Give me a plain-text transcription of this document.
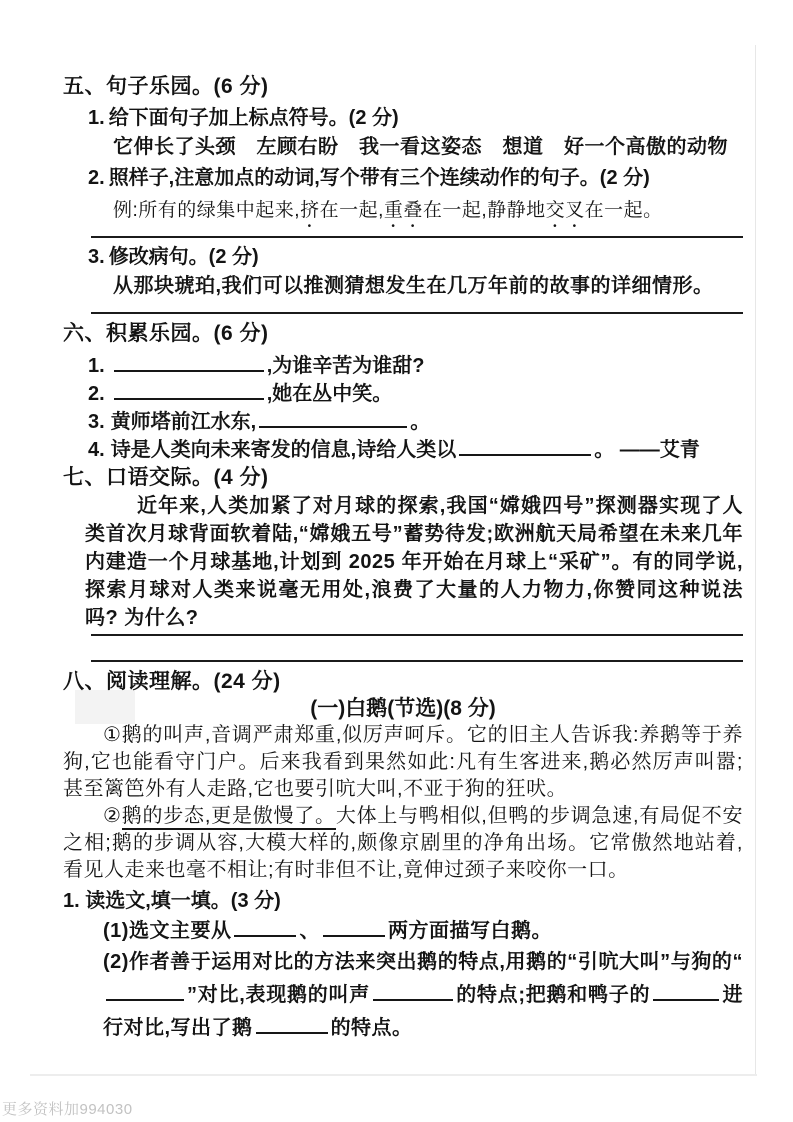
五、句子乐园。(6 分)
1. 给下面句子加上标点符号。(2 分)
它伸长了头颈　左顾右盼　我一看这姿态　想道　好一个高傲的动物
2. 照样子,注意加点的动词,写个带有三个连续动作的句子。(2 分)
例:所有的绿集中起来,挤在一起,重叠在一起,静静地交叉在一起。
3. 修改病句。(2 分)
从那块琥珀,我们可以推测猜想发生在几万年前的故事的详细情形。
六、积累乐园。(6 分)
1.	,为谁辛苦为谁甜?
2.	,她在丛中笑。
3. 黄师塔前江水东,	。
4. 诗是人类向未来寄发的信息,诗给人类以	。 ——艾青
七、口语交际。(4 分)
近年来,人类加紧了对月球的探索,我国“嫦娥四号”探测器实现了人类首次月球背面软着陆,“嫦娥五号”蓄势待发;欧洲航天局希望在未来几年内建造一个月球基地,计划到 2025 年开始在月球上“采矿”。有的同学说,探索月球对人类来说毫无用处,浪费了大量的人力物力,你赞同这种说法吗? 为什么?
八、阅读理解。(24 分)
(一)白鹅(节选)(8 分)
①鹅的叫声,音调严肃郑重,似厉声呵斥。它的旧主人告诉我:养鹅等于养狗,它也能看守门户。后来我看到果然如此:凡有生客进来,鹅必然厉声叫嚣;甚至篱笆外有人走路,它也要引吭大叫,不亚于狗的狂吠。
②鹅的步态,更是傲慢了。大体上与鸭相似,但鸭的步调急速,有局促不安之相;鹅的步调从容,大模大样的,颇像京剧里的净角出场。它常傲然地站着,看见人走来也毫不相让;有时非但不让,竟伸过颈子来咬你一口。
1. 读选文,填一填。(3 分)
(1)选文主要从	、	两方面描写白鹅。
(2)作者善于运用对比的方法来突出鹅的特点,用鹅的“引吭大叫”与狗的“”对比,表现鹅的叫声	的特点;把鹅和鸭子的	进行对比,写出了鹅	的特点。
更多资料加994030
